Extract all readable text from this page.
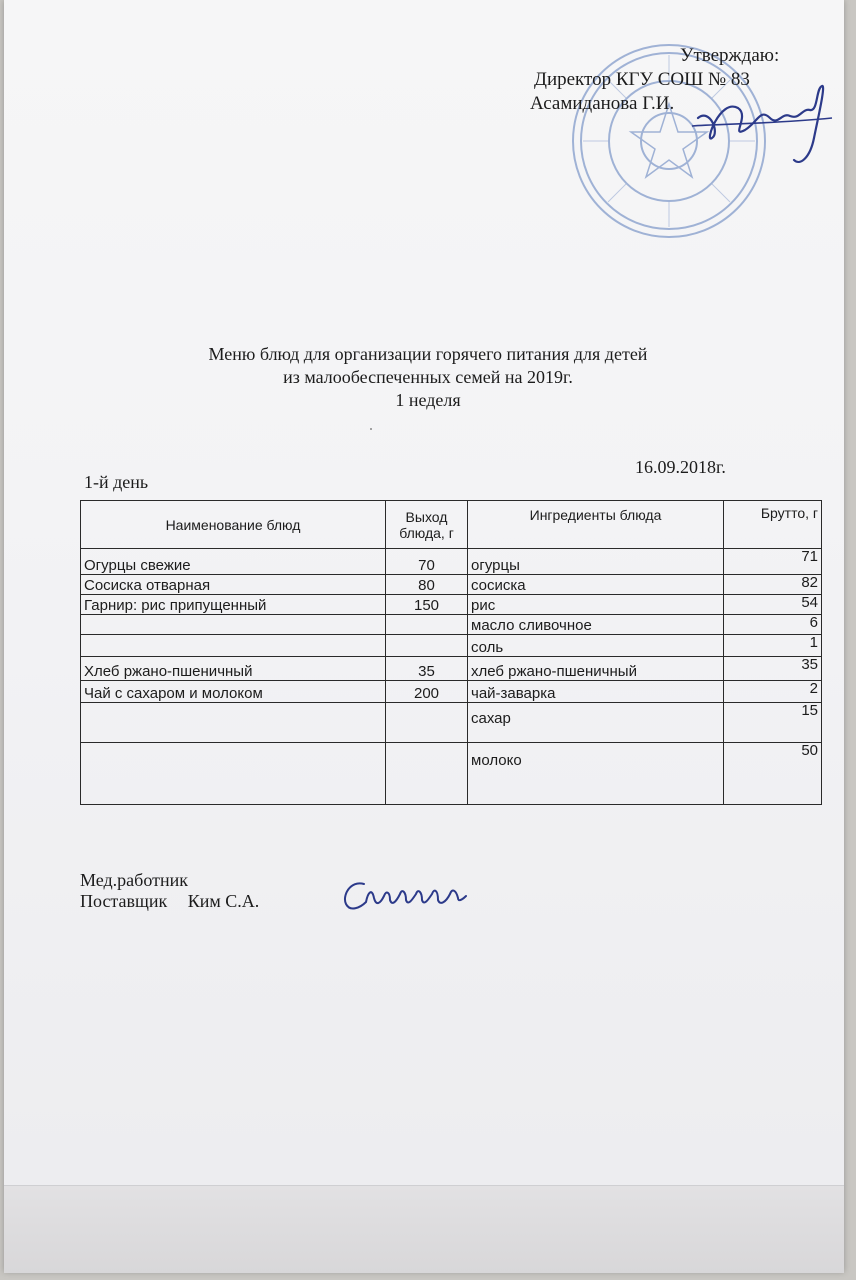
Утверждаю:
Директор КГУ СОШ № 83
Асамиданова Г.И.
Меню блюд для организации горячего питания для детей
из малообеспеченных семей на 2019г.
1 неделя
1-й день
16.09.2018г.
Наименование блюд	Выход блюда, г	Ингредиенты блюда	Брутто, г
Огурцы свежие	70	огурцы	71
Сосиска отварная	80	сосиска	82
Гарнир: рис припущенный	150	рис	54
		масло сливочное	6
		соль	1
Хлеб ржано-пшеничный	35	хлеб ржано-пшеничный	35
Чай с сахаром и молоком	200	чай-заварка	2
		сахар	15
		молоко	50
Мед.работник
Поставщик Ким С.А.
